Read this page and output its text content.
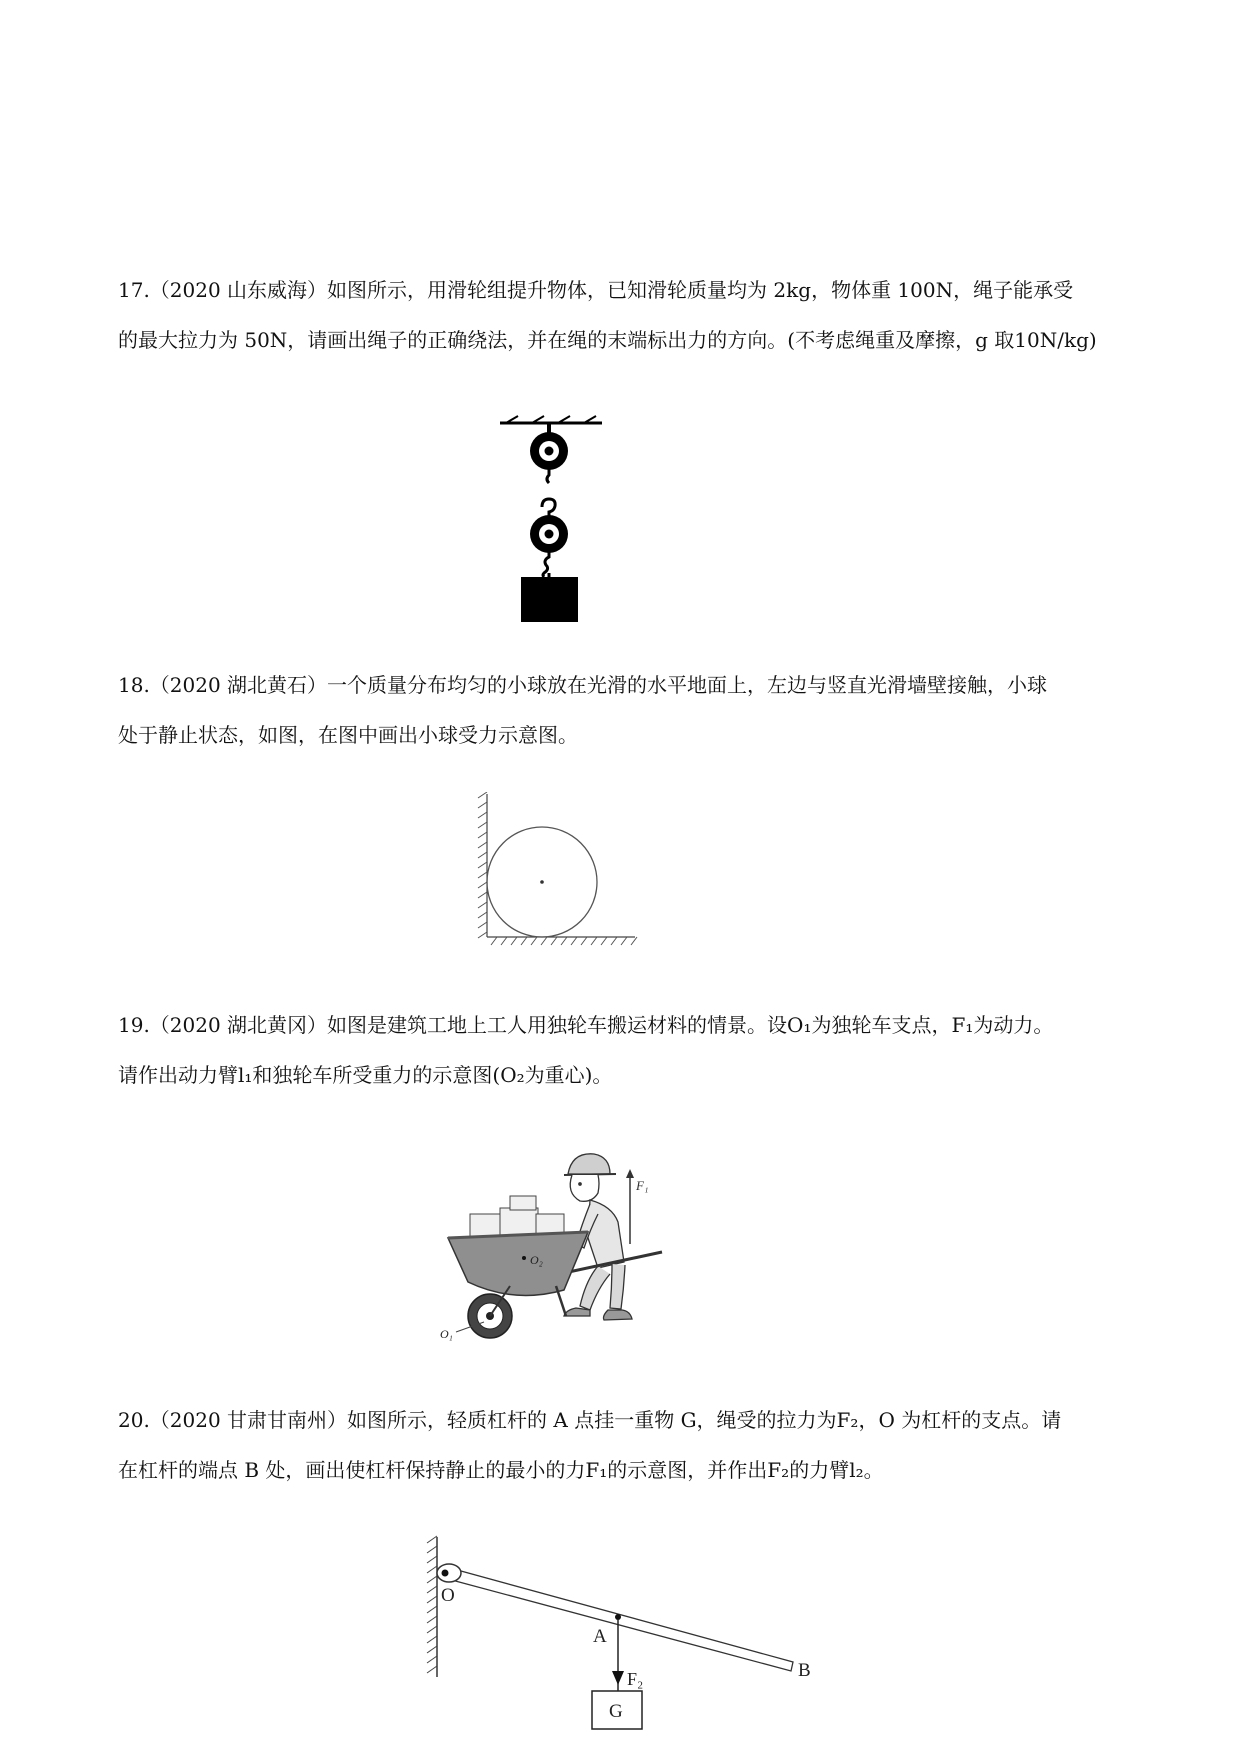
17.（2020 山东威海）如图所示，用滑轮组提升物体，已知滑轮质量均为 2kg，物体重 100N，绳子能承受

的最大拉力为 50N，请画出绳子的正确绕法，并在绳的末端标出力的方向。(不考虑绳重及摩擦，g 取10N/kg)

18.（2020 湖北黄石）一个质量分布均匀的小球放在光滑的水平地面上，左边与竖直光滑墙壁接触，小球

处于静止状态，如图，在图中画出小球受力示意图。

19.（2020 湖北黄冈）如图是建筑工地上工人用独轮车搬运材料的情景。设O₁为独轮车支点，F₁为动力。

请作出动力臂l₁和独轮车所受重力的示意图(O₂为重心)。

F₁
O₂
O₁

20.（2020 甘肃甘南州）如图所示，轻质杠杆的 A 点挂一重物 G，绳受的拉力为F₂，O 为杠杆的支点。请

在杠杆的端点 B 处，画出使杠杆保持静止的最小的力F₁的示意图，并作出F₂的力臂l₂。

O
A
F₂
G
B
